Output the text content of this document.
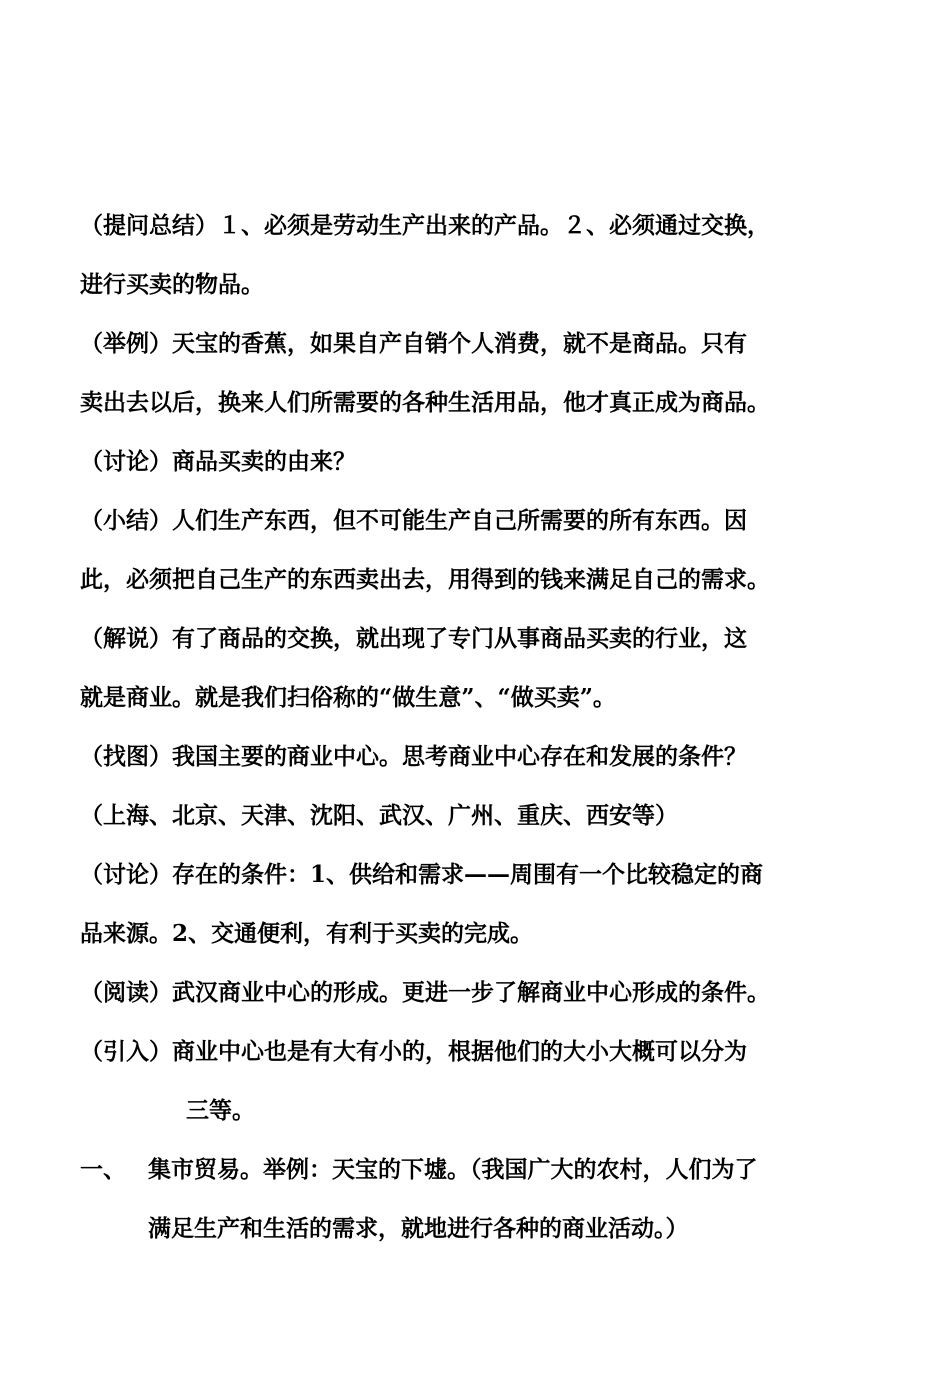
（提问总结）１、必须是劳动生产出来的产品。２、必须通过交换，
进行买卖的物品。
（举例）天宝的香蕉，如果自产自销个人消费，就不是商品。只有
卖出去以后，换来人们所需要的各种生活用品，他才真正成为商品。
（讨论）商品买卖的由来？
（小结）人们生产东西，但不可能生产自己所需要的所有东西。因
此，必须把自己生产的东西卖出去，用得到的钱来满足自己的需求。
（解说）有了商品的交换，就出现了专门从事商品买卖的行业，这
就是商业。就是我们扫俗称的“做生意”、“做买卖”。
（找图）我国主要的商业中心。思考商业中心存在和发展的条件？
（上海、北京、天津、沈阳、武汉、广州、重庆、西安等）
（讨论）存在的条件：1、供给和需求——周围有一个比较稳定的商
品来源。2、交通便利，有利于买卖的完成。
（阅读）武汉商业中心的形成。更进一步了解商业中心形成的条件。
（引入）商业中心也是有大有小的，根据他们的大小大概可以分为
三等。
一、 集市贸易。举例：天宝的下墟。（我国广大的农村，人们为了
满足生产和生活的需求，就地进行各种的商业活动。）
